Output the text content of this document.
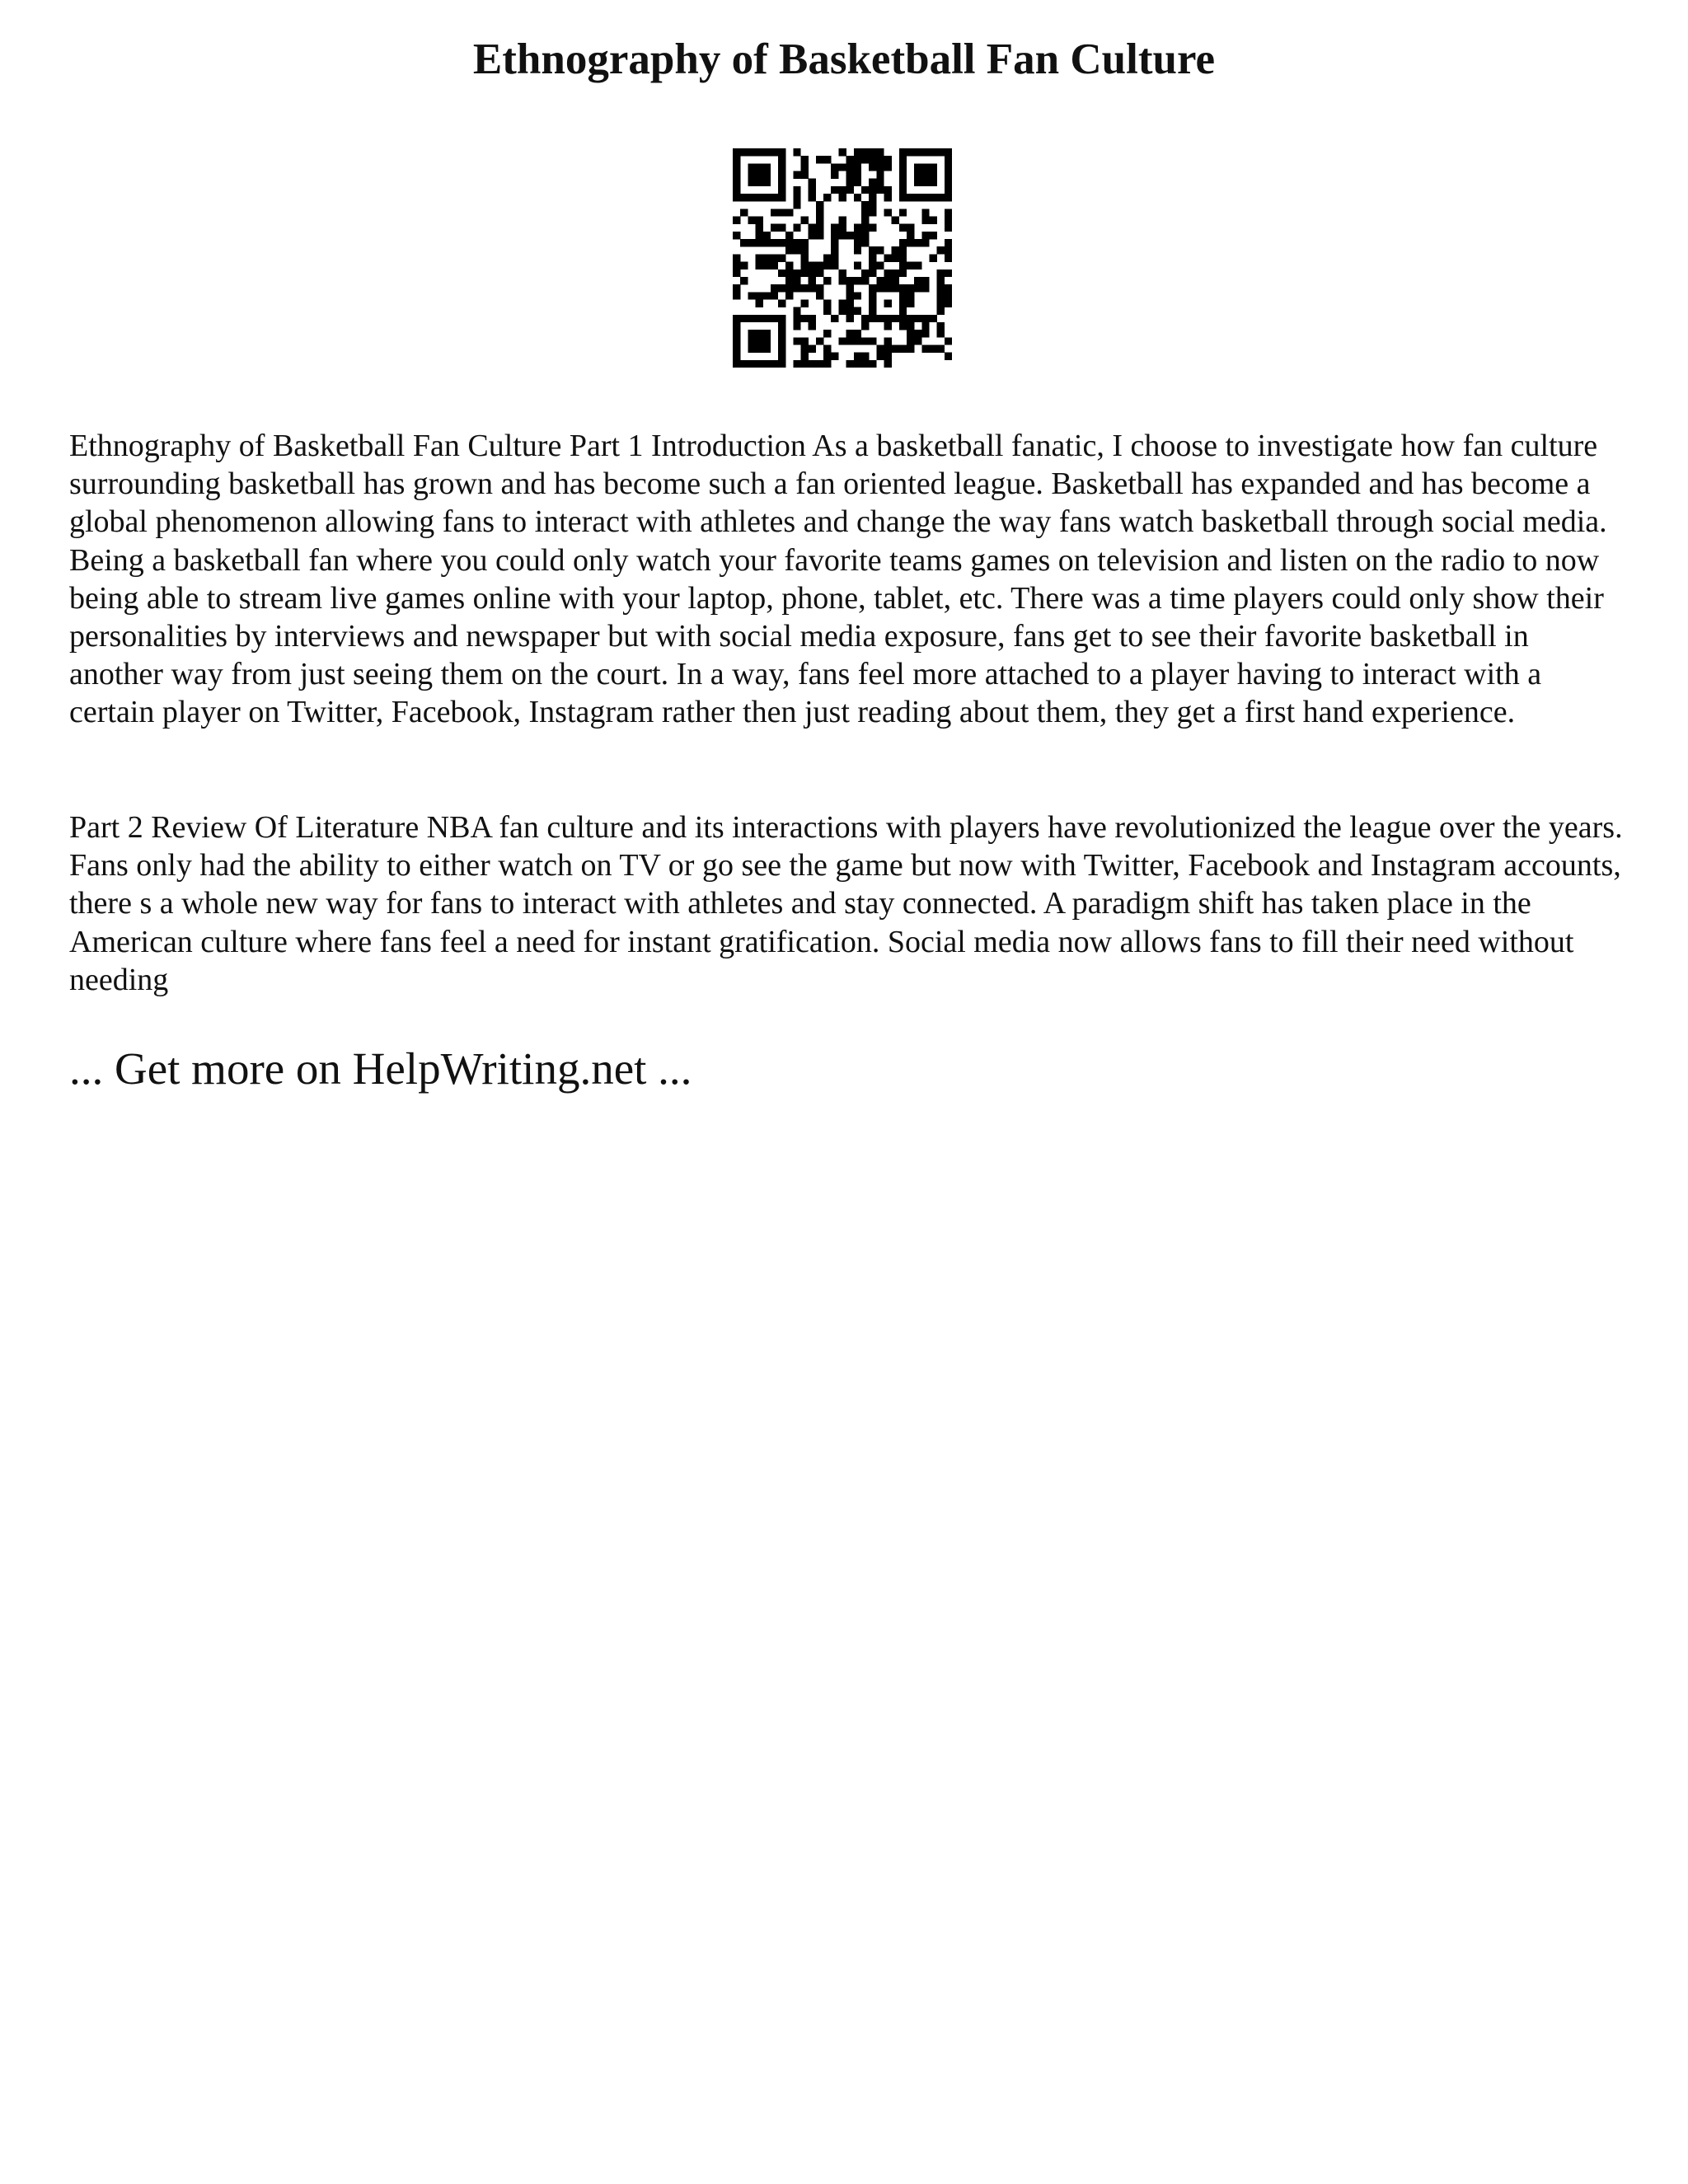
Ethnography of Basketball Fan Culture

Ethnography of Basketball Fan Culture Part 1 Introduction As a basketball fanatic, I choose to investigate how fan culture surrounding basketball has grown and has become such a fan oriented league. Basketball has expanded and has become a global phenomenon allowing fans to interact with athletes and change the way fans watch basketball through social media. Being a basketball fan where you could only watch your favorite teams games on television and listen on the radio to now being able to stream live games online with your laptop, phone, tablet, etc. There was a time players could only show their personalities by interviews and newspaper but with social media exposure, fans get to see their favorite basketball in another way from just seeing them on the court. In a way, fans feel more attached to a player having to interact with a certain player on Twitter, Facebook, Instagram rather then just reading about them, they get a first hand experience.

Part 2 Review Of Literature NBA fan culture and its interactions with players have revolutionized the league over the years. Fans only had the ability to either watch on TV or go see the game but now with Twitter, Facebook and Instagram accounts, there s a whole new way for fans to interact with athletes and stay connected. A paradigm shift has taken place in the American culture where fans feel a need for instant gratification. Social media now allows fans to fill their need without needing

... Get more on HelpWriting.net ...
